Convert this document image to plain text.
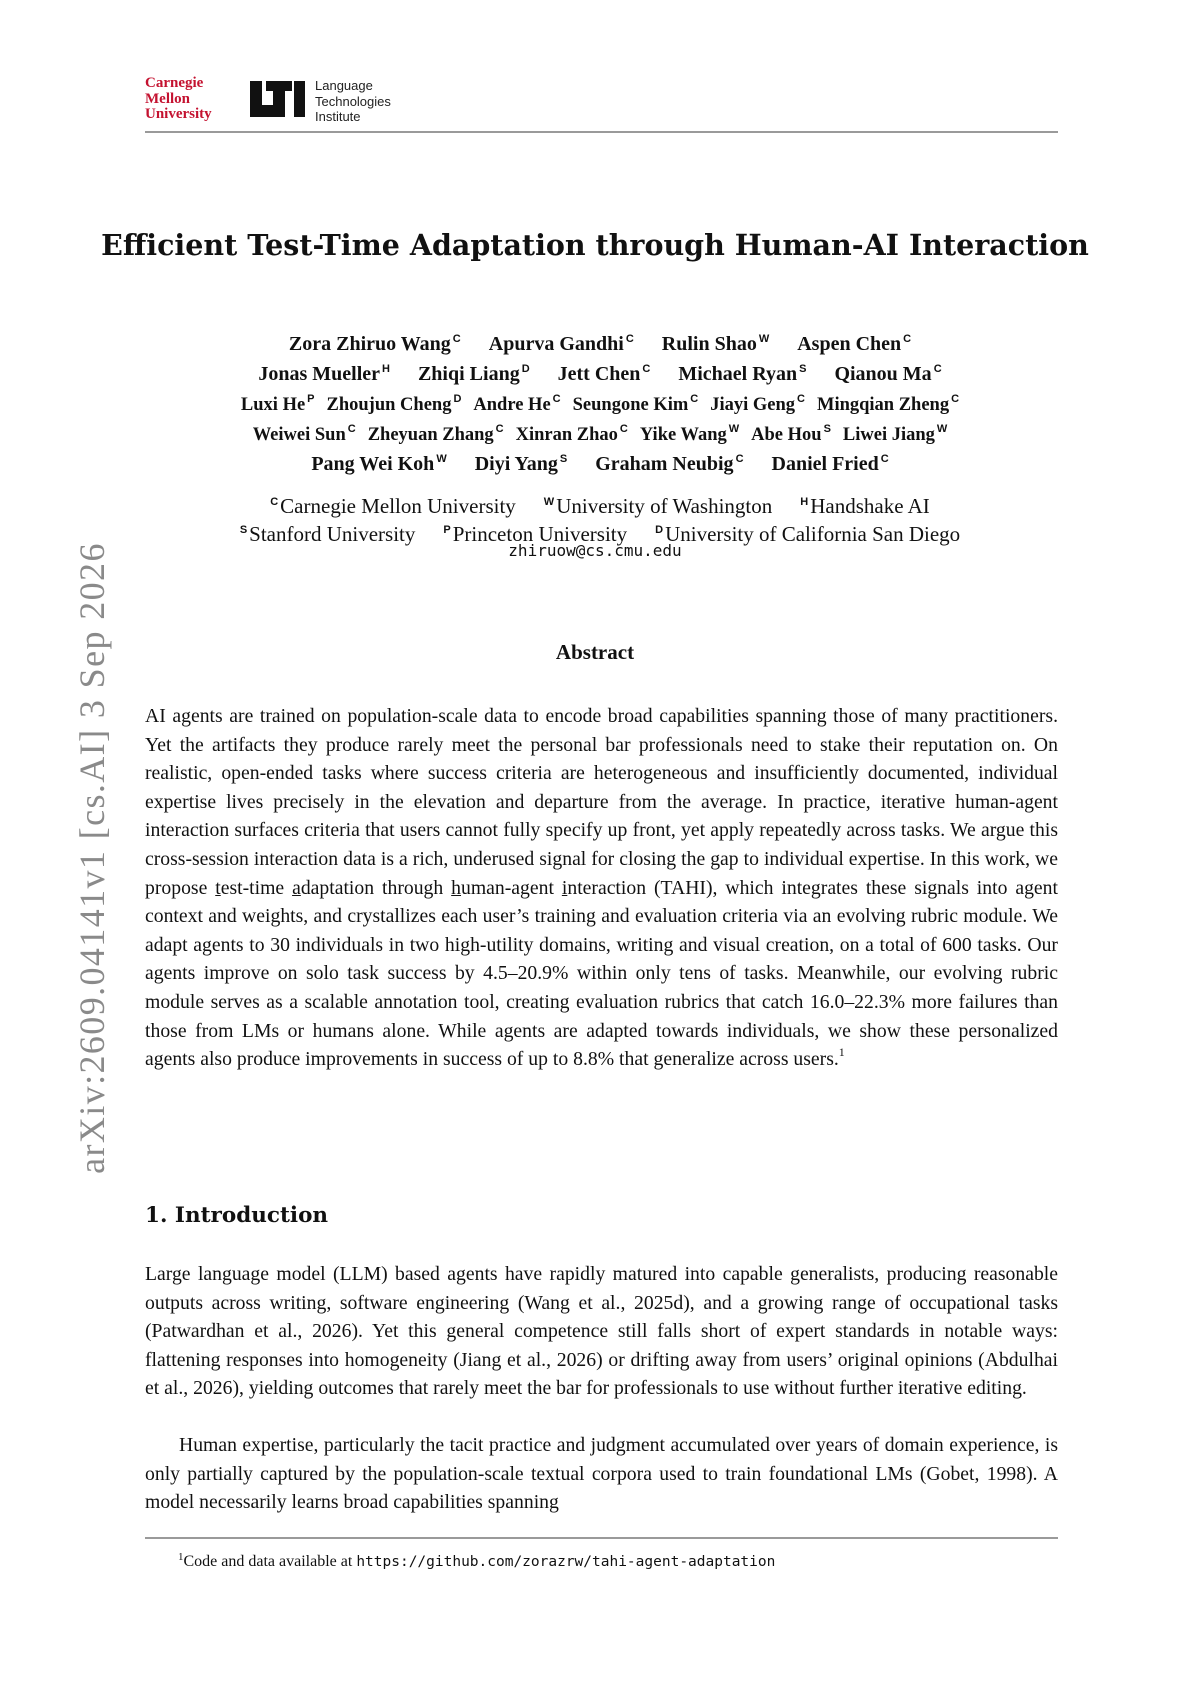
Carnegie
Mellon
University
Language
Technologies
Institute
arXiv:2609.04141v1 [cs.AI] 3 Sep 2026
Efficient Test-Time Adaptation through Human-AI Interaction
Zora Zhiruo Wang $^C$ Apurva Gandhi $^C$ Rulin Shao $^W$ Aspen Chen $^C$
Jonas Mueller $^H$ Zhiqi Liang $^D$ Jett Chen $^C$ Michael Ryan $^S$ Qianou Ma $^C$
Luxi He $^P$ Zhoujun Cheng $^D$ Andre He $^C$ Seungone Kim $^C$ Jiayi Geng $^C$ Mingqian Zheng $^C$
Weiwei Sun $^C$ Zheyuan Zhang $^C$ Xinran Zhao $^C$ Yike Wang $^W$ Abe Hou $^S$ Liwei Jiang $^W$
Pang Wei Koh $^W$ Diyi Yang $^S$ Graham Neubig $^C$ Daniel Fried $^C$
$^C$Carnegie Mellon University	$^W$University of Washington	$^H$Handshake AI
$^S$Stanford University	$^P$Princeton University	$^D$University of California San Diego
zhiruow@cs.cmu.edu
Abstract

AI agents are trained on population-scale data to encode broad capabilities spanning those of many practitioners. Yet the artifacts they produce rarely meet the personal bar professionals need to stake their reputation on. On realistic, open-ended tasks where success criteria are heterogeneous and insufficiently documented, individual expertise lives precisely in the elevation and departure from the average. In practice, iterative human-agent interaction surfaces criteria that users cannot fully specify up front, yet apply repeatedly across tasks. We argue this cross-session interaction data is a rich, underused signal for closing the gap to individual expertise. In this work, we propose test-time adaptation through human-agent interaction (TAHI), which integrates these signals into agent context and weights, and crystallizes each user’s training and evaluation criteria via an evolving rubric module. We adapt agents to 30 individuals in two high-utility domains, writing and visual creation, on a total of 600 tasks. Our agents improve on solo task success by 4.5–20.9% within only tens of tasks. Meanwhile, our evolving rubric module serves as a scalable annotation tool, creating evaluation rubrics that catch 16.0–22.3% more failures than those from LMs or humans alone. While agents are adapted towards individuals, we show these personalized agents also produce improvements in success of up to 8.8% that generalize across users.$^1$

1. Introduction

Large language model (LLM) based agents have rapidly matured into capable generalists, producing reasonable outputs across writing, software engineering (Wang et al., 2025d), and a growing range of occupational tasks (Patwardhan et al., 2026). Yet this general competence still falls short of expert standards in notable ways: flattening responses into homogeneity (Jiang et al., 2026) or drifting away from users’ original opinions (Abdulhai et al., 2026), yielding outcomes that rarely meet the bar for professionals to use without further iterative editing.

Human expertise, particularly the tacit practice and judgment accumulated over years of domain experience, is only partially captured by the population-scale textual corpora used to train foundational LMs (Gobet, 1998). A model necessarily learns broad capabilities spanning

$^1$Code and data available at https://github.com/zorazrw/tahi-agent-adaptation
